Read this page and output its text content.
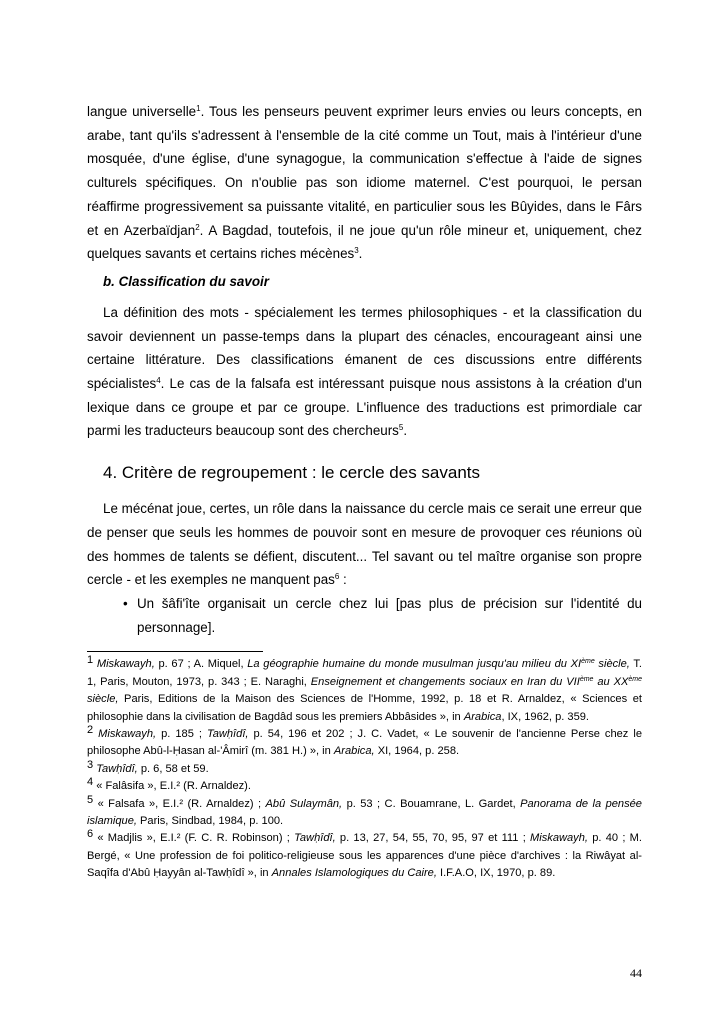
langue universelle$^1$. Tous les penseurs peuvent exprimer leurs envies ou leurs concepts, en arabe, tant qu'ils s'adressent à l'ensemble de la cité comme un Tout, mais à l'intérieur d'une mosquée, d'une église, d'une synagogue, la communication s'effectue à l'aide de signes culturels spécifiques. On n'oublie pas son idiome maternel. C'est pourquoi, le persan réaffirme progressivement sa puissante vitalité, en particulier sous les Bûyides, dans le Fârs et en Azerbaïdjan$^2$. A Bagdad, toutefois, il ne joue qu'un rôle mineur et, uniquement, chez quelques savants et certains riches mécènes$^3$.

b. Classification du savoir

La définition des mots - spécialement les termes philosophiques - et la classification du savoir deviennent un passe-temps dans la plupart des cénacles, encourageant ainsi une certaine littérature. Des classifications émanent de ces discussions entre différents spécialistes$^4$. Le cas de la falsafa est intéressant puisque nous assistons à la création d'un lexique dans ce groupe et par ce groupe. L'influence des traductions est primordiale car parmi les traducteurs beaucoup sont des chercheurs$^5$.

4. Critère de regroupement : le cercle des savants

Le mécénat joue, certes, un rôle dans la naissance du cercle mais ce serait une erreur que de penser que seuls les hommes de pouvoir sont en mesure de provoquer ces réunions où des hommes de talents se défient, discutent... Tel savant ou tel maître organise son propre cercle - et les exemples ne manquent pas$^6$ :

• Un šâfi'îte organisait un cercle chez lui [pas plus de précision sur l'identité du personnage].

$^1$ Miskawayh, p. 67 ; A. Miquel, La géographie humaine du monde musulman jusqu'au milieu du XIème siècle, T. 1, Paris, Mouton, 1973, p. 343 ; E. Naraghi, Enseignement et changements sociaux en Iran du VIIème au XXème siècle, Paris, Editions de la Maison des Sciences de l'Homme, 1992, p. 18 et R. Arnaldez, « Sciences et philosophie dans la civilisation de Bagdâd sous les premiers Abbâsides », in Arabica, IX, 1962, p. 359.

$^2$ Miskawayh, p. 185 ; Tawḥîdî, p. 54, 196 et 202 ; J. C. Vadet, « Le souvenir de l'ancienne Perse chez le philosophe Abû-l-Ḥasan al-'Âmirî (m. 381 H.) », in Arabica, XI, 1964, p. 258.

$^3$ Tawḥîdî, p. 6, 58 et 59.

$^4$ « Falâsifa », E.I.² (R. Arnaldez).

$^5$ « Falsafa », E.I.² (R. Arnaldez) ; Abû Sulaymân, p. 53 ; C. Bouamrane, L. Gardet, Panorama de la pensée islamique, Paris, Sindbad, 1984, p. 100.

$^6$ « Madjlis », E.I.² (F. C. R. Robinson) ; Tawḥîdî, p. 13, 27, 54, 55, 70, 95, 97 et 111 ; Miskawayh, p. 40 ; M. Bergé, « Une profession de foi politico-religieuse sous les apparences d'une pièce d'archives : la Riwâyat al-Saqîfa d'Abû Ḥayyân al-Tawḥîdî », in Annales Islamologiques du Caire, I.F.A.O, IX, 1970, p. 89.

44
